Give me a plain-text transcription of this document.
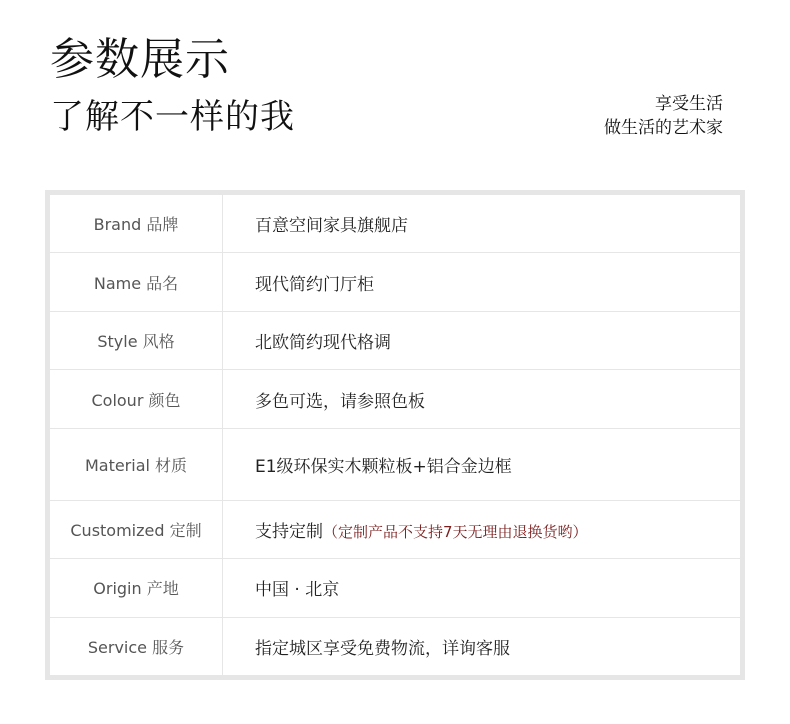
参数展示
了解不一样的我	享受生活
做生活的艺术家
Brand 品牌	百意空间家具旗舰店
Name 品名	现代简约门厅柜
Style 风格	北欧简约现代格调
Colour 颜色	多色可选，请参照色板
Material 材质	E1级环保实木颗粒板+铝合金边框
Customized 定制	支持定制（定制产品不支持7天无理由退换货哟）
Origin 产地	中国 · 北京
Service 服务	指定城区享受免费物流，详询客服
